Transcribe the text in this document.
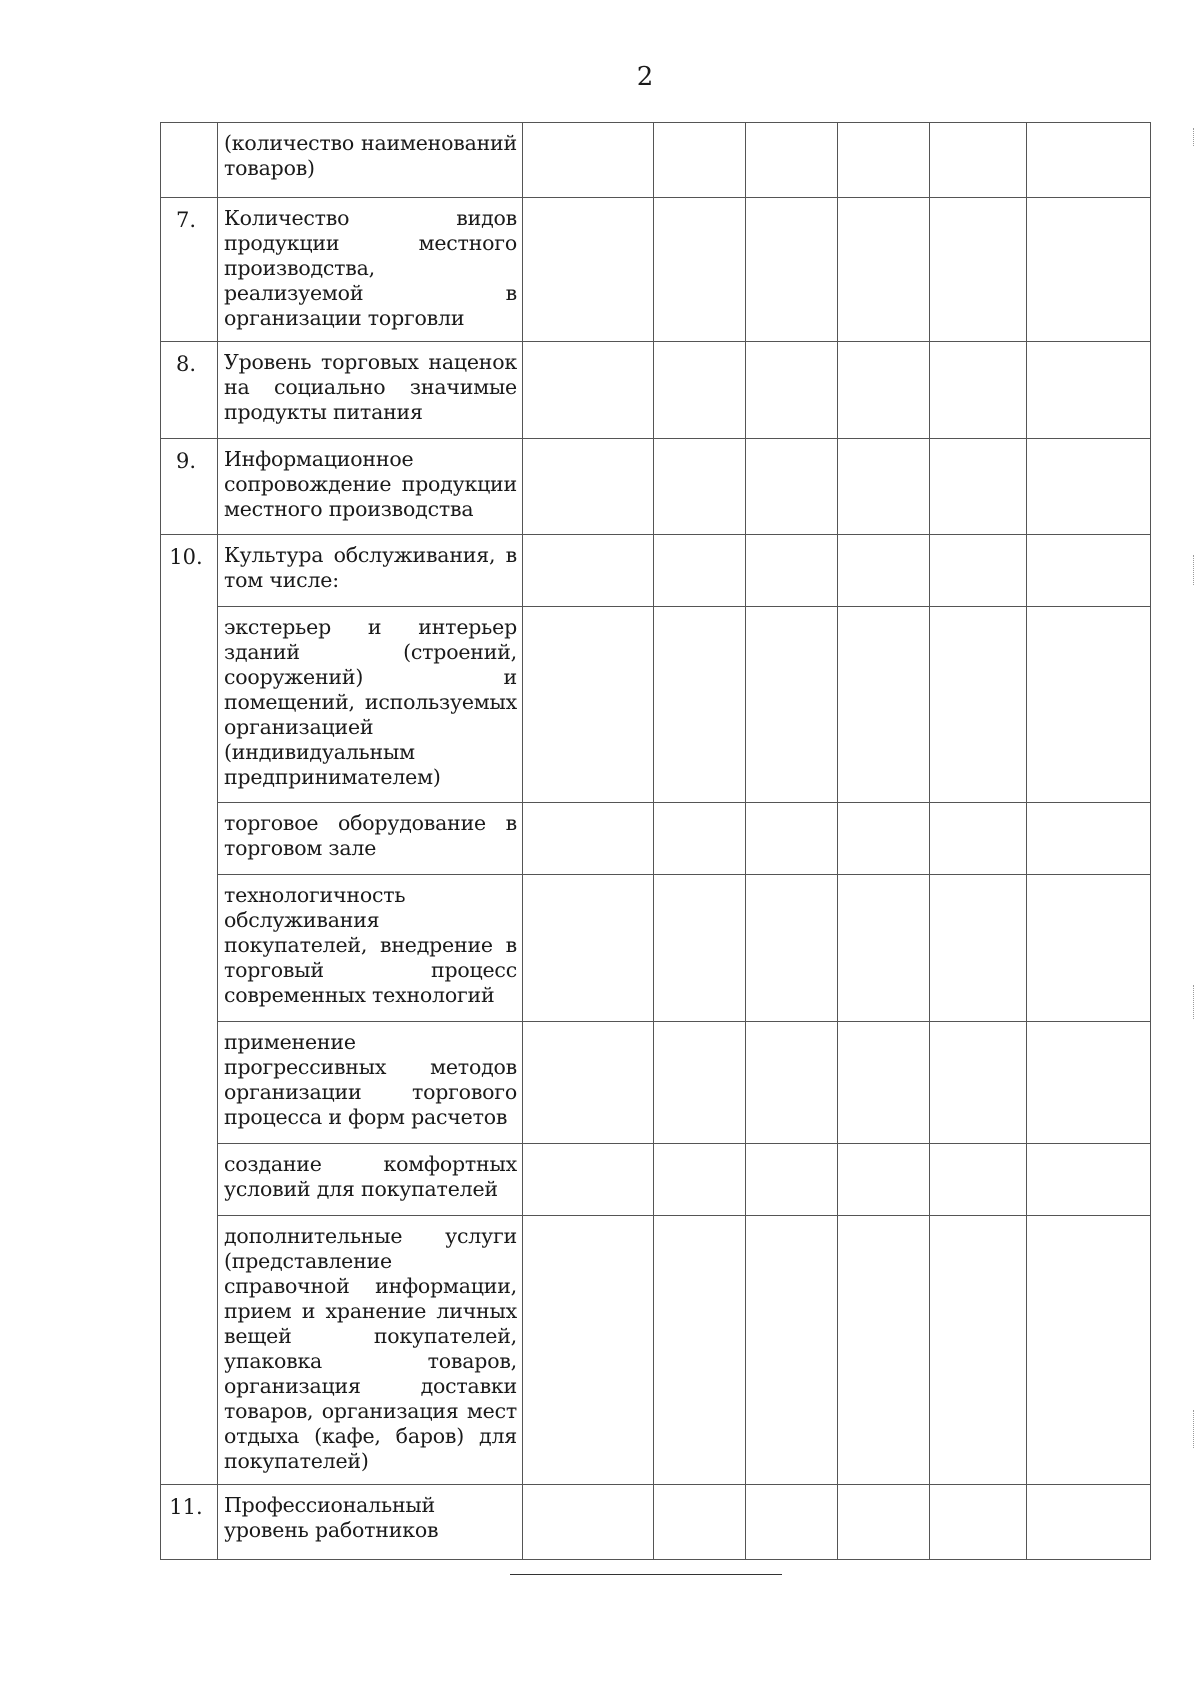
2
	(количество наименований товаров)						
7.	Количество видов продукции местного производства, реализуемой в организации торговли						
8.	Уровень торговых наценок на социально значимые продукты питания						
9.	Информационное сопровождение продукции местного производства						
10.	Культура обслуживания, в том числе:						
	экстерьер и интерьер зданий (строений, сооружений) и помещений, используемых организацией (индивидуальным предпринимателем)						
	торговое оборудование в торговом зале						
	технологичность обслуживания покупателей, внедрение в торговый процесс современных технологий						
	применение прогрессивных методов организации торгового процесса и форм расчетов						
	создание комфортных условий для покупателей						
	дополнительные услуги (представление справочной информации, прием и хранение личных вещей покупателей, упаковка товаров, организация доставки товаров, организация мест отдыха (кафе, баров) для покупателей)						
11.	Профессиональный уровень работников						
